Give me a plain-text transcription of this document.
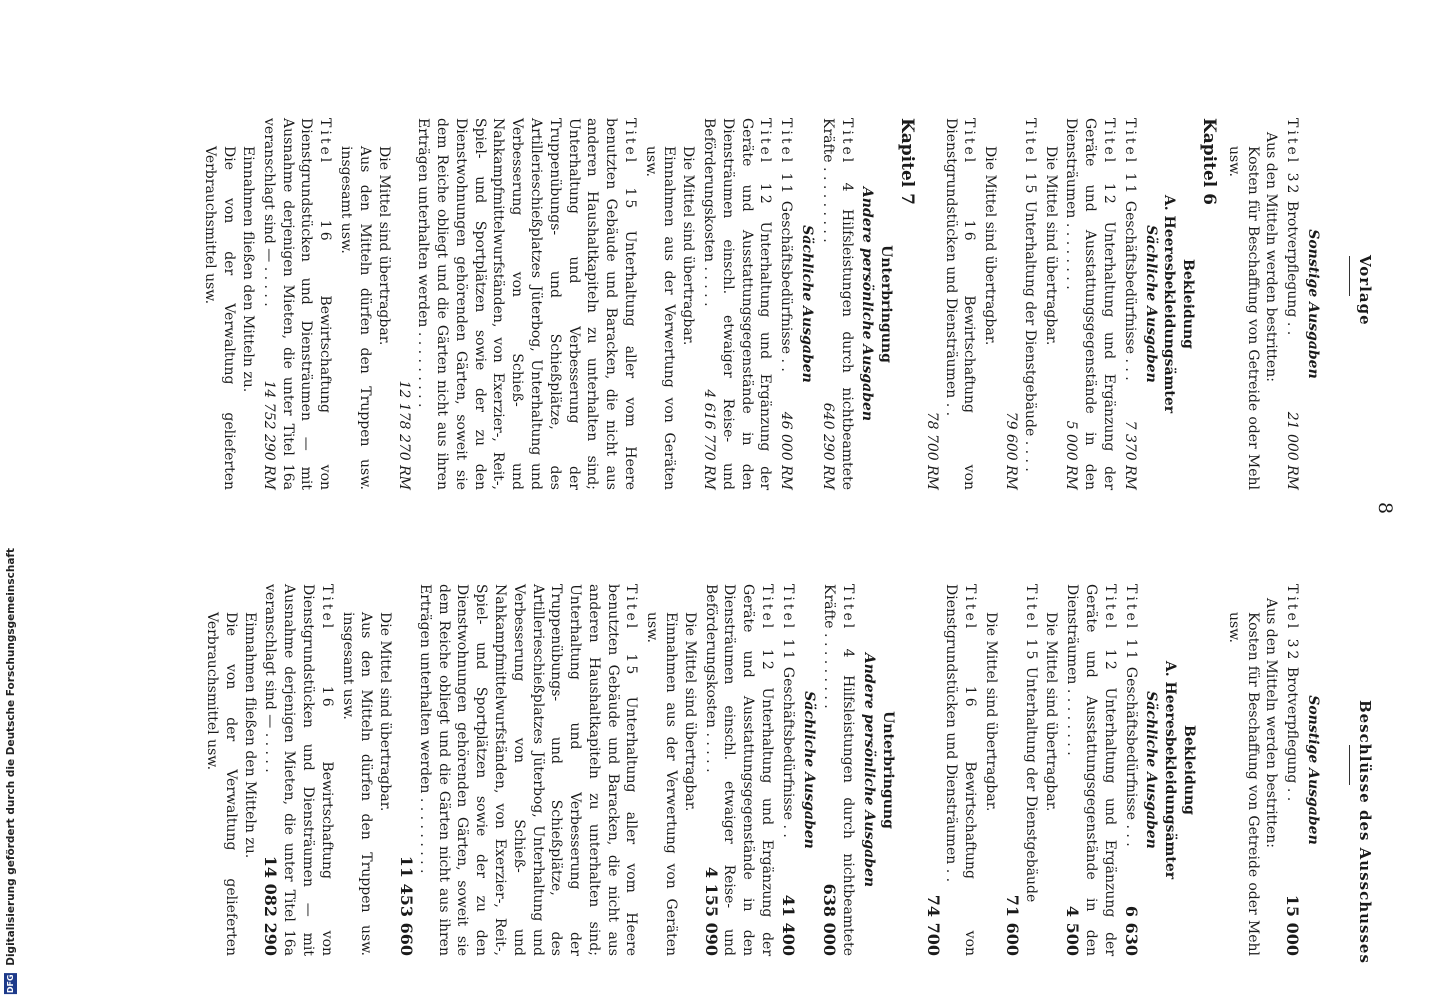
8
Vorlage
Beschlüsse des Ausschusses
Sonstige Ausgaben
Titel 32 Brotverpflegung . .
21 000 RM
Aus den Mitteln werden bestritten:
Kosten für Beschaffung von Getreide oder Mehl usw.
Kapitel 6
Bekleidung
A. Heeresbekleidungsämter
Sächliche Ausgaben
Titel 11 Geschäftsbedürfnisse . . .
7 370 RM
Titel 12 Unterhaltung und Ergänzung der Geräte und Ausstattungsgegenstände in den Diensträumen . . . . . . . .
5 000 RM
Die Mittel sind übertragbar.
Titel 15 Unterhaltung der Dienstgebäude . . . .
79 600 RM
Die Mittel sind übertragbar.
Titel 16 Bewirtschaftung von Dienstgrundstücken und Diensträumen . .
78 700 RM
Kapitel 7
Unterbringung
Andere persönliche Ausgaben
Titel 4 Hilfsleistungen durch nichtbeamtete Kräfte . . . . . . . . .
640 290 RM
Sächliche Ausgaben
Titel 11 Geschäftsbedürfnisse . .
46 000 RM
Titel 12 Unterhaltung und Ergänzung der Geräte und Ausstattungsgegenstände in den Diensträumen einschl. etwaiger Reise- und Beförderungskosten . . . . .
4 616 770 RM
Die Mittel sind übertragbar.
Einnahmen aus der Verwertung von Geräten usw.
Titel 15 Unterhaltung aller vom Heere benutzten Gebäude und Baracken, die nicht aus anderen Haushaltkapiteln zu unterhalten sind; Unterhaltung und Verbesserung der Truppenübungs- und Schießplätze, des Artillerieschießplatzes Jüterbog, Unterhaltung und Verbesserung von Schieß- und Nahkampfmittelwurfständen, von Exerzier-, Reit-, Spiel- und Sportplätzen sowie der zu den Dienstwohnungen gehörenden Gärten, soweit sie dem Reiche obliegt und die Gärten nicht aus ihren Erträgen unterhalten werden . . . . . . . . .
12 178 270 RM
Die Mittel sind übertragbar.
Aus den Mitteln dürfen den Truppen usw. insgesamt usw.
Titel 16 Bewirtschaftung von Dienstgrundstücken und Diensträumen — mit Ausnahme derjenigen Mieten, die unter Titel 16a veranschlagt sind — . . . . .
14 752 290 RM
Einnahmen fließen den Mitteln zu.
Die von der Verwaltung gelieferten Verbrauchsmittel usw.
Sonstige Ausgaben
Titel 32 Brotverpflegung . .
15 000
Aus den Mitteln werden bestritten:
Kosten für Beschaffung von Getreide oder Mehl usw.
Bekleidung
A. Heeresbekleidungsämter
Sächliche Ausgaben
Titel 11 Geschäftsbedürfnisse . . .
6 630
Titel 12 Unterhaltung und Ergänzung der Geräte und Ausstattungsgegenstände in den Diensträumen . . . . . . . .
4 500
Die Mittel sind übertragbar.
Titel 15 Unterhaltung der Dienstgebäude
71 600
Die Mittel sind übertragbar.
Titel 16 Bewirtschaftung von Dienstgrundstücken und Diensträumen . .
74 700
Unterbringung
Andere persönliche Ausgaben
Titel 4 Hilfsleistungen durch nichtbeamtete Kräfte . . . . . . . . .
638 000
Sächliche Ausgaben
Titel 11 Geschäftsbedürfnisse . .
41 400
Titel 12 Unterhaltung und Ergänzung der Geräte und Ausstattungsgegenstände in den Diensträumen einschl. etwaiger Reise- und Beförderungskosten . . . . .
4 155 090
Die Mittel sind übertragbar.
Einnahmen aus der Verwertung von Geräten usw.
Titel 15 Unterhaltung aller vom Heere benutzten Gebäude und Baracken, die nicht aus anderen Haushaltkapiteln zu unterhalten sind; Unterhaltung und Verbesserung der Truppenübungs- und Schießplätze, des Artillerieschießplatzes Jüterbog, Unterhaltung und Verbesserung von Schieß- und Nahkampfmittelwurfständen, von Exerzier-, Reit-, Spiel- und Sportplätzen sowie der zu den Dienstwohnungen gehörenden Gärten, soweit sie dem Reiche obliegt und die Gärten nicht aus ihren Erträgen unterhalten werden . . . . . . . . .
11 453 660
Die Mittel sind übertragbar.
Aus den Mitteln dürfen den Truppen usw. insgesamt usw.
Titel 16 Bewirtschaftung von Dienstgrundstücken und Diensträumen — mit Ausnahme derjenigen Mieten, die unter Titel 16a veranschlagt sind — . . . . .
14 082 290
Einnahmen fließen den Mitteln zu.
Die von der Verwaltung gelieferten Verbrauchsmittel usw.
DFG Digitalisierung gefördert durch die Deutsche Forschungsgemeinschaft
